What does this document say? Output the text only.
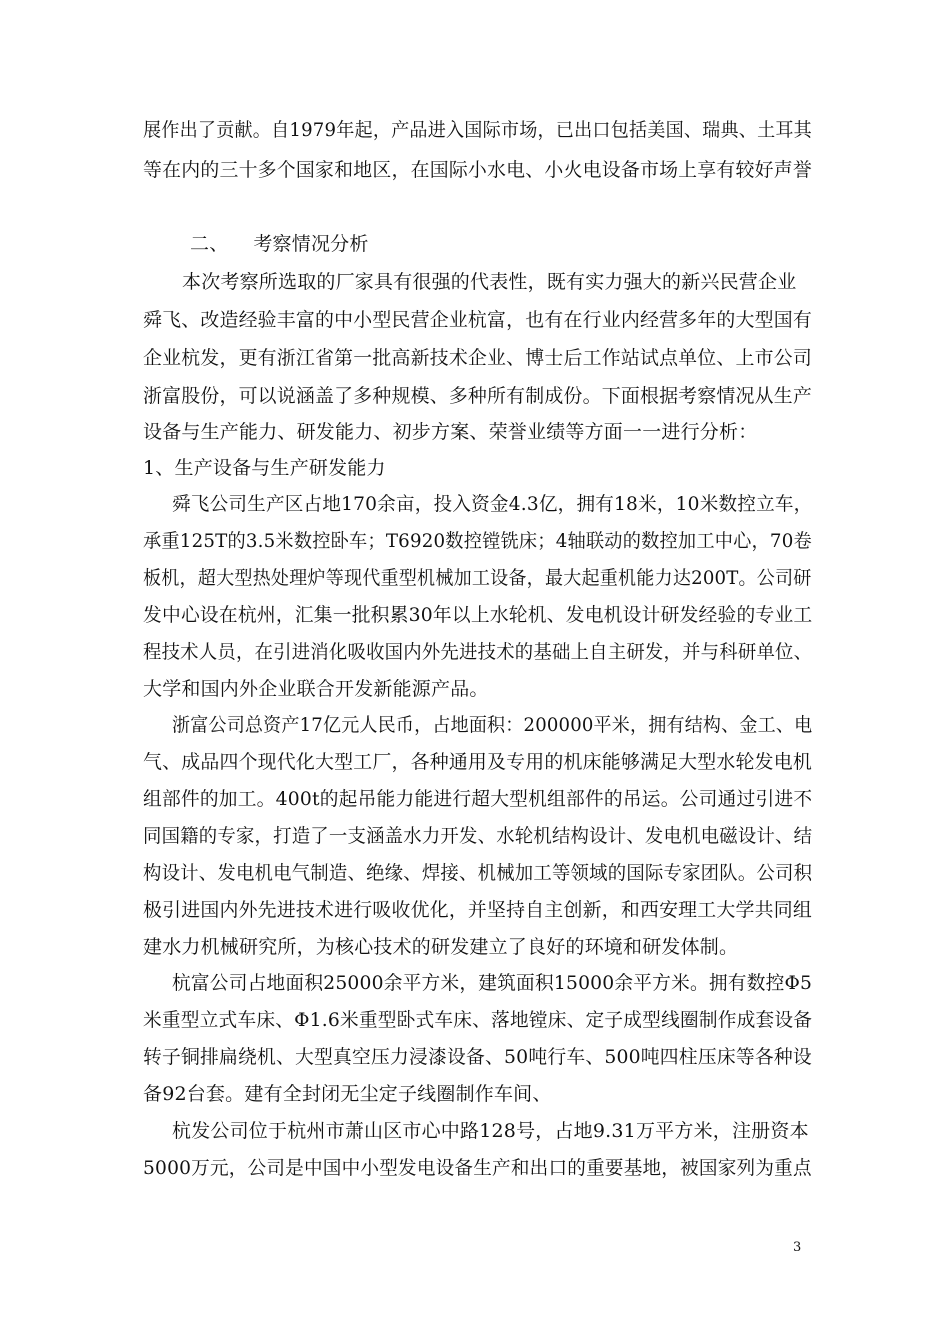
展作出了贡献。自1979年起，产品进入国际市场，已出口包括美国、瑞典、土耳其
等在内的三十多个国家和地区，在国际小水电、小火电设备市场上享有较好声誉
二、    考察情况分析
本次考察所选取的厂家具有很强的代表性，既有实力强大的新兴民营企业
舜飞、改造经验丰富的中小型民营企业杭富，也有在行业内经营多年的大型国有
企业杭发，更有浙江省第一批高新技术企业、博士后工作站试点单位、上市公司
浙富股份，可以说涵盖了多种规模、多种所有制成份。下面根据考察情况从生产
设备与生产能力、研发能力、初步方案、荣誉业绩等方面一一进行分析：
1、生产设备与生产研发能力
舜飞公司生产区占地170余亩，投入资金4.3亿，拥有18米，10米数控立车，
承重125T的3.5米数控卧车；T6920数控镗铣床；4轴联动的数控加工中心，70卷
板机，超大型热处理炉等现代重型机械加工设备，最大起重机能力达200T。公司研
发中心设在杭州，汇集一批积累30年以上水轮机、发电机设计研发经验的专业工
程技术人员，在引进消化吸收国内外先进技术的基础上自主研发，并与科研单位、
大学和国内外企业联合开发新能源产品。
浙富公司总资产17亿元人民币，占地面积：200000平米，拥有结构、金工、电
气、成品四个现代化大型工厂，各种通用及专用的机床能够满足大型水轮发电机
组部件的加工。400t的起吊能力能进行超大型机组部件的吊运。公司通过引进不
同国籍的专家，打造了一支涵盖水力开发、水轮机结构设计、发电机电磁设计、结
构设计、发电机电气制造、绝缘、焊接、机械加工等领域的国际专家团队。公司积
极引进国内外先进技术进行吸收优化，并坚持自主创新，和西安理工大学共同组
建水力机械研究所，为核心技术的研发建立了良好的环境和研发体制。
杭富公司占地面积25000余平方米，建筑面积15000余平方米。拥有数控Φ5
米重型立式车床、Φ1.6米重型卧式车床、落地镗床、定子成型线圈制作成套设备
转子铜排扁绕机、大型真空压力浸漆设备、50吨行车、500吨四柱压床等各种设
备92台套。建有全封闭无尘定子线圈制作车间、
杭发公司位于杭州市萧山区市心中路128号，占地9.31万平方米，注册资本
5000万元，公司是中国中小型发电设备生产和出口的重要基地，被国家列为重点
3
